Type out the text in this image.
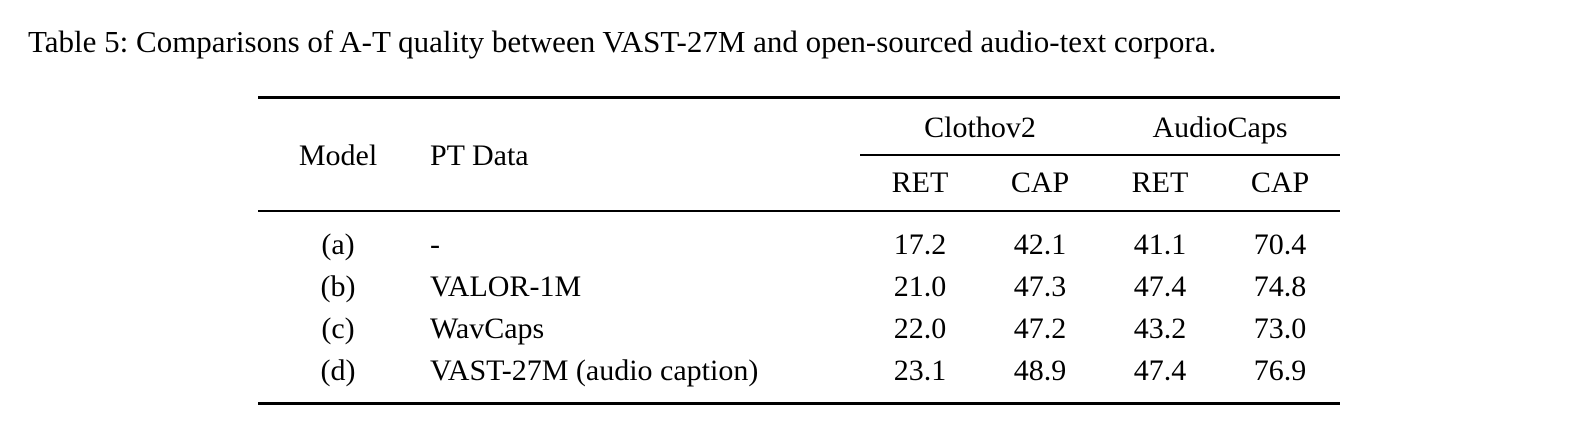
Table 5: Comparisons of A-T quality between VAST-27M and open-sourced audio-text corpora.

Model	PT Data	Clothov2		AudioCaps	
		RET	CAP	RET	CAP

(a)	-	17.2	42.1	41.1	70.4
(b)	VALOR-1M	21.0	47.3	47.4	74.8
(c)	WavCaps	22.0	47.2	43.2	73.0
(d)	VAST-27M (audio caption)	23.1	48.9	47.4	76.9
